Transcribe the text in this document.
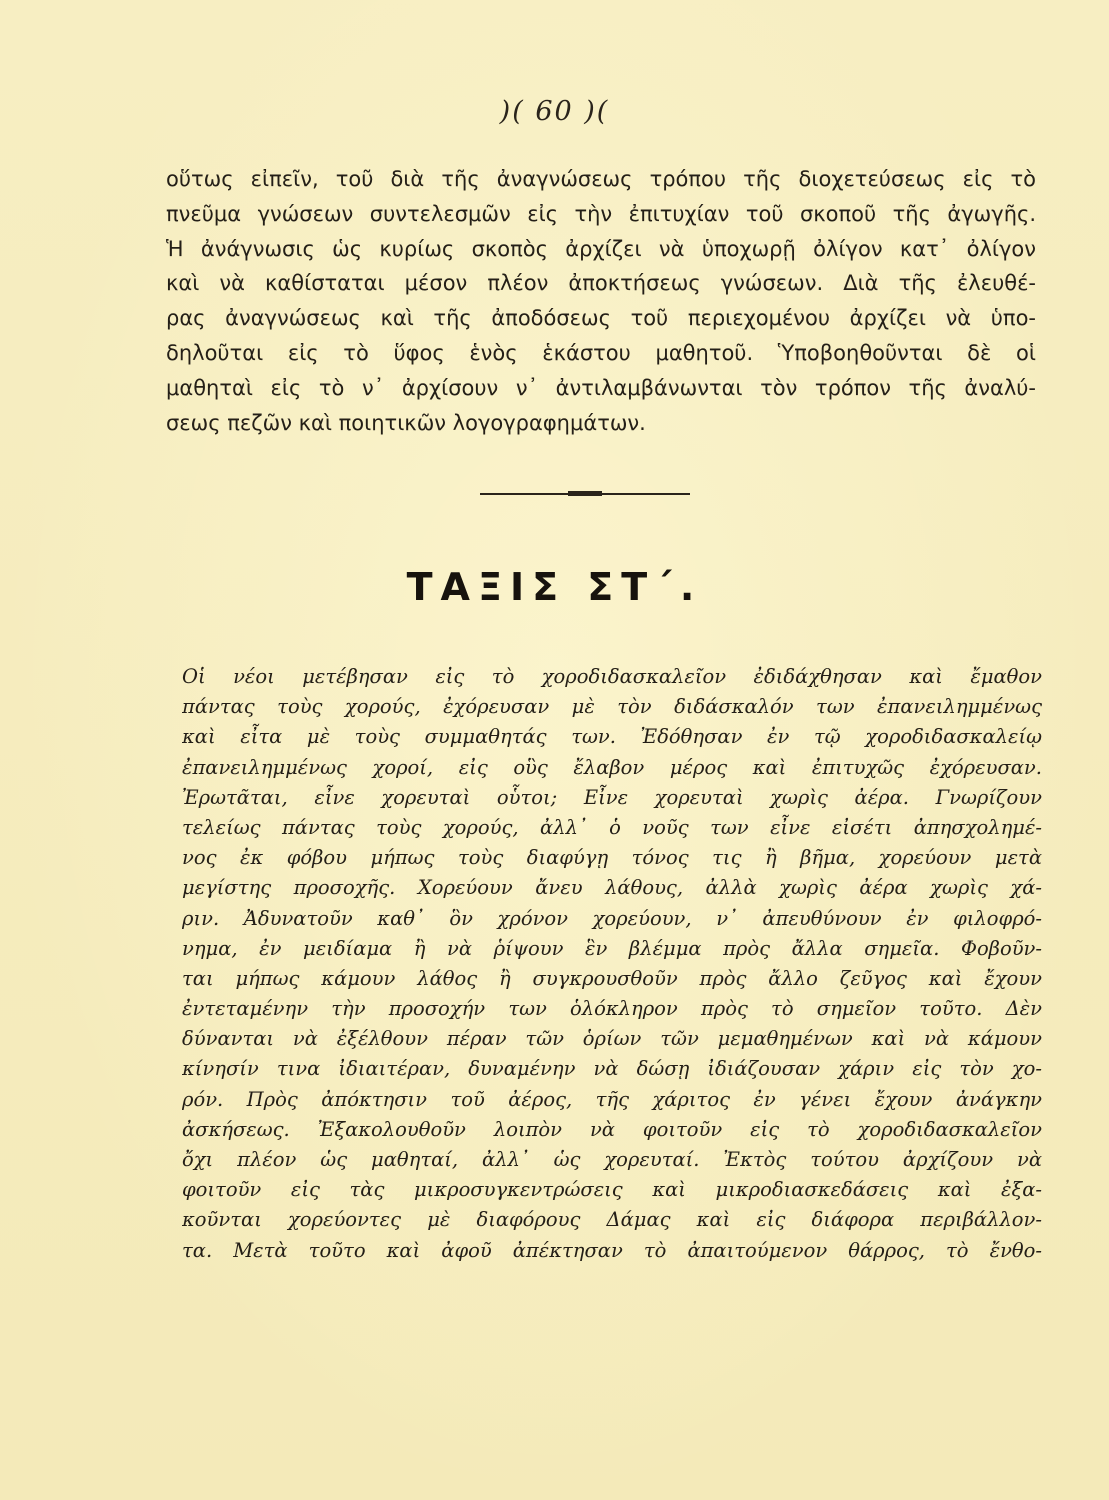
)( 60 )(
οὕτως εἰπεῖν, τοῦ διὰ τῆς ἀναγνώσεως τρόπου τῆς διοχετεύσεως εἰς τὸ
πνεῦμα γνώσεων συντελεσμῶν εἰς τὴν ἐπιτυχίαν τοῦ σκοποῦ τῆς ἀγωγῆς.
Ἡ ἀνάγνωσις ὡς κυρίως σκοπὸς ἀρχίζει νὰ ὑποχωρῇ ὀλίγον κατ᾽ ὀλίγον
καὶ νὰ καθίσταται μέσον πλέον ἀποκτήσεως γνώσεων. Διὰ τῆς ἐλευθέ-
ρας ἀναγνώσεως καὶ τῆς ἀποδόσεως τοῦ περιεχομένου ἀρχίζει νὰ ὑπο-
δηλοῦται εἰς τὸ ὕφος ἑνὸς ἑκάστου μαθητοῦ. Ὑποβοηθοῦνται δὲ οἱ
μαθηταὶ εἰς τὸ ν᾽ ἀρχίσουν ν᾽ ἀντιλαμβάνωνται τὸν τρόπον τῆς ἀναλύ-
σεως πεζῶν καὶ ποιητικῶν λογογραφημάτων.
ΤΑΞΙΣ ΣΤ΄.
Οἱ νέοι μετέβησαν εἰς τὸ χοροδιδασκαλεῖον ἐδιδάχθησαν καὶ ἔμαθον
πάντας τοὺς χορούς, ἐχόρευσαν μὲ τὸν διδάσκαλόν των ἐπανειλημμένως
καὶ εἶτα μὲ τοὺς συμμαθητάς των. Ἐδόθησαν ἐν τῷ χοροδιδασκαλείῳ
ἐπανειλημμένως χοροί, εἰς οὓς ἔλαβον μέρος καὶ ἐπιτυχῶς ἐχόρευσαν.
Ἐρωτᾶται, εἶνε χορευταὶ οὗτοι; Εἶνε χορευταὶ χωρὶς ἀέρα. Γνωρίζουν
τελείως πάντας τοὺς χορούς, ἀλλ᾽ ὁ νοῦς των εἶνε εἰσέτι ἀπησχολημέ-
νος ἐκ φόβου μήπως τοὺς διαφύγῃ τόνος τις ἢ βῆμα, χορεύουν μετὰ
μεγίστης προσοχῆς. Χορεύουν ἄνευ λάθους, ἀλλὰ χωρὶς ἀέρα χωρὶς χά-
ριν. Ἀδυνατοῦν καθ᾽ ὃν χρόνον χορεύουν, ν᾽ ἀπευθύνουν ἐν φιλοφρό-
νημα, ἐν μειδίαμα ἢ νὰ ῥίψουν ἓν βλέμμα πρὸς ἄλλα σημεῖα. Φοβοῦν-
ται μήπως κάμουν λάθος ἢ συγκρουσθοῦν πρὸς ἄλλο ζεῦγος καὶ ἔχουν
ἐντεταμένην τὴν προσοχήν των ὁλόκληρον πρὸς τὸ σημεῖον τοῦτο. Δὲν
δύνανται νὰ ἐξέλθουν πέραν τῶν ὁρίων τῶν μεμαθημένων καὶ νὰ κάμουν
κίνησίν τινα ἰδιαιτέραν, δυναμένην νὰ δώσῃ ἰδιάζουσαν χάριν εἰς τὸν χο-
ρόν. Πρὸς ἀπόκτησιν τοῦ ἀέρος, τῆς χάριτος ἐν γένει ἔχουν ἀνάγκην
ἀσκήσεως. Ἐξακολουθοῦν λοιπὸν νὰ φοιτοῦν εἰς τὸ χοροδιδασκαλεῖον
ὄχι πλέον ὡς μαθηταί, ἀλλ᾽ ὡς χορευταί. Ἐκτὸς τούτου ἀρχίζουν νὰ
φοιτοῦν εἰς τὰς μικροσυγκεντρώσεις καὶ μικροδιασκεδάσεις καὶ ἐξα-
κοῦνται χορεύοντες μὲ διαφόρους Δάμας καὶ εἰς διάφορα περιβάλλον-
τα. Μετὰ τοῦτο καὶ ἀφοῦ ἀπέκτησαν τὸ ἀπαιτούμενον θάρρος, τὸ ἔνθο-
